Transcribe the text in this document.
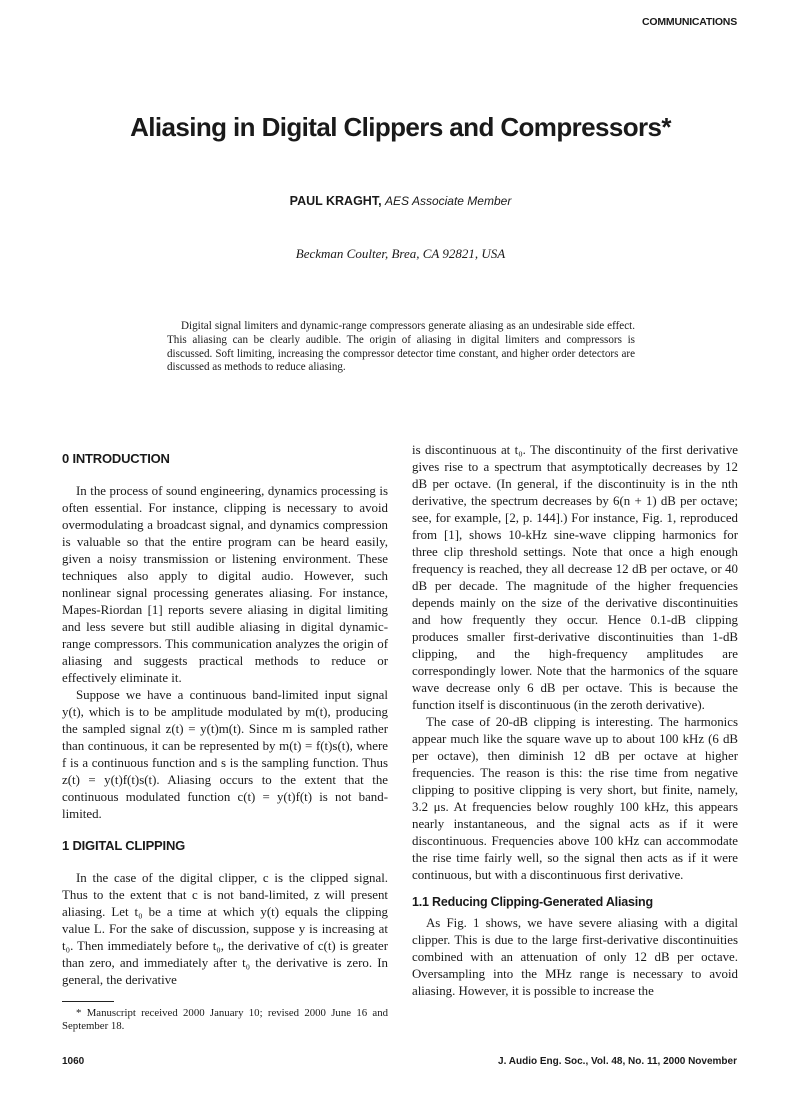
COMMUNICATIONS
Aliasing in Digital Clippers and Compressors*
PAUL KRAGHT, AES Associate Member
Beckman Coulter, Brea, CA 92821, USA

Digital signal limiters and dynamic-range compressors generate aliasing as an undesirable side effect. This aliasing can be clearly audible. The origin of aliasing in digital limiters and compressors is discussed. Soft limiting, increasing the compressor detector time constant, and higher order detectors are discussed as methods to reduce aliasing.

0 INTRODUCTION

In the process of sound engineering, dynamics processing is often essential. For instance, clipping is necessary to avoid overmodulating a broadcast signal, and dynamics compression is valuable so that the entire program can be heard easily, given a noisy transmission or listening environment. These techniques also apply to digital audio. However, such nonlinear signal processing generates aliasing. For instance, Mapes-Riordan [1] reports severe aliasing in digital limiting and less severe but still audible aliasing in digital dynamic-range compressors. This communication analyzes the origin of aliasing and suggests practical methods to reduce or effectively eliminate it.

Suppose we have a continuous band-limited input signal y(t), which is to be amplitude modulated by m(t), producing the sampled signal z(t) = y(t)m(t). Since m is sampled rather than continuous, it can be represented by m(t) = f(t)s(t), where f is a continuous function and s is the sampling function. Thus z(t) = y(t)f(t)s(t). Aliasing occurs to the extent that the continuous modulated function c(t) = y(t)f(t) is not band-limited.

1 DIGITAL CLIPPING

In the case of the digital clipper, c is the clipped signal. Thus to the extent that c is not band-limited, z will present aliasing. Let t₀ be a time at which y(t) equals the clipping value L. For the sake of discussion, suppose y is increasing at t₀. Then immediately before t₀, the derivative of c(t) is greater than zero, and immediately after t₀ the derivative is zero. In general, the derivative

is discontinuous at t₀. The discontinuity of the first derivative gives rise to a spectrum that asymptotically decreases by 12 dB per octave. (In general, if the discontinuity is in the nth derivative, the spectrum decreases by 6(n + 1) dB per octave; see, for example, [2, p. 144].) For instance, Fig. 1, reproduced from [1], shows 10-kHz sine-wave clipping harmonics for three clip threshold settings. Note that once a high enough frequency is reached, they all decrease 12 dB per octave, or 40 dB per decade. The magnitude of the higher frequencies depends mainly on the size of the derivative discontinuities and how frequently they occur. Hence 0.1-dB clipping produces smaller first-derivative discontinuities than 1-dB clipping, and the high-frequency amplitudes are correspondingly lower. Note that the harmonics of the square wave decrease only 6 dB per octave. This is because the function itself is discontinuous (in the zeroth derivative).

The case of 20-dB clipping is interesting. The harmonics appear much like the square wave up to about 100 kHz (6 dB per octave), then diminish 12 dB per octave at higher frequencies. The reason is this: the rise time from negative clipping to positive clipping is very short, but finite, namely, 3.2 μs. At frequencies below roughly 100 kHz, this appears nearly instantaneous, and the signal acts as if it were discontinuous. Frequencies above 100 kHz can accommodate the rise time fairly well, so the signal then acts as if it were continuous, but with a discontinuous first derivative.

1.1 Reducing Clipping-Generated Aliasing

As Fig. 1 shows, we have severe aliasing with a digital clipper. This is due to the large first-derivative discontinuities combined with an attenuation of only 12 dB per octave. Oversampling into the MHz range is necessary to avoid aliasing. However, it is possible to increase the

* Manuscript received 2000 January 10; revised 2000 June 16 and September 18.

1060	J. Audio Eng. Soc., Vol. 48, No. 11, 2000 November
